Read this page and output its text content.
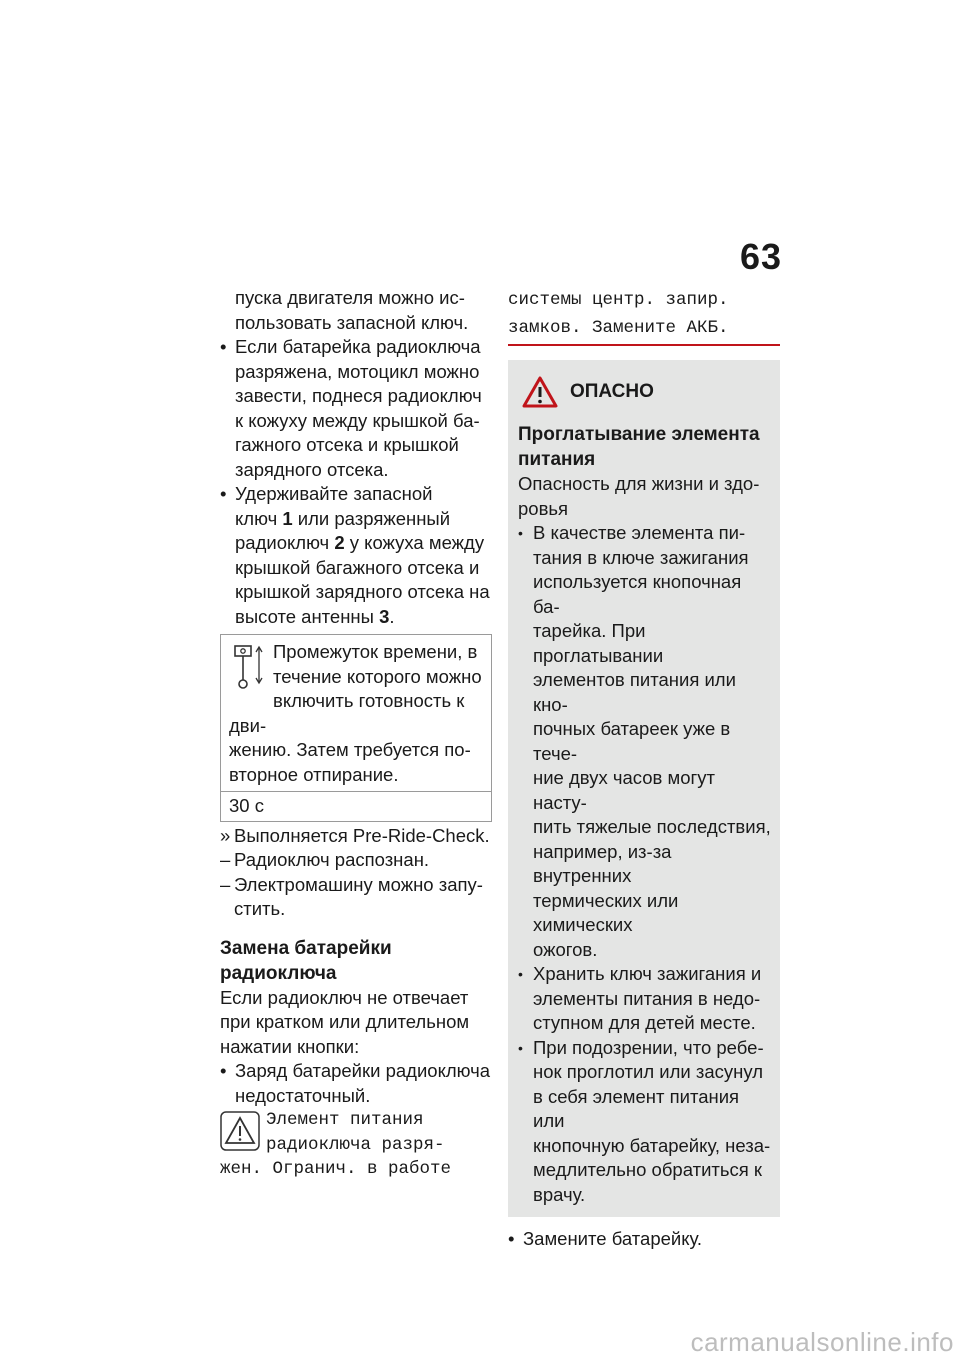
63
пуска двигателя можно ис-
пользовать запасной ключ.
• Если батарейка радиоключа
разряжена, мотоцикл можно
завести, поднеся радиоключ
к кожуху между крышкой ба-
гажного отсека и крышкой
зарядного отсека.
• Удерживайте запасной
ключ 1 или разряженный
радиоключ 2 у кожуха между
крышкой багажного отсека и
крышкой зарядного отсека на
высоте антенны 3.
Промежуток времени, в
течение которого можно
включить готовность к дви-
жению. Затем требуется по-
вторное отпирание.
30 с
» Выполняется Pre-Ride-Check.
– Радиоключ распознан.
– Электромашину можно запу-
стить.
Замена батарейки
радиоключа
Если радиоключ не отвечает
при кратком или длительном
нажатии кнопки:
• Заряд батарейки радиоключа
недостаточный.
Элемент питания
радиоключа разря-
жен. Огранич. в работе
системы центр. запир.
замков. Замените АКБ.
ОПАСНО
Проглатывание элемента
питания
Опасность для жизни и здо-
ровья
• В качестве элемента пи-
тания в ключе зажигания
используется кнопочная ба-
тарейка. При проглатывании
элементов питания или кно-
почных батареек уже в тече-
ние двух часов могут насту-
пить тяжелые последствия,
например, из-за внутренних
термических или химических
ожогов.
• Хранить ключ зажигания и
элементы питания в недо-
ступном для детей месте.
• При подозрении, что ребе-
нок проглотил или засунул
в себя элемент питания или
кнопочную батарейку, неза-
медлительно обратиться к
врачу.
• Замените батарейку.
carmanualsonline.info
